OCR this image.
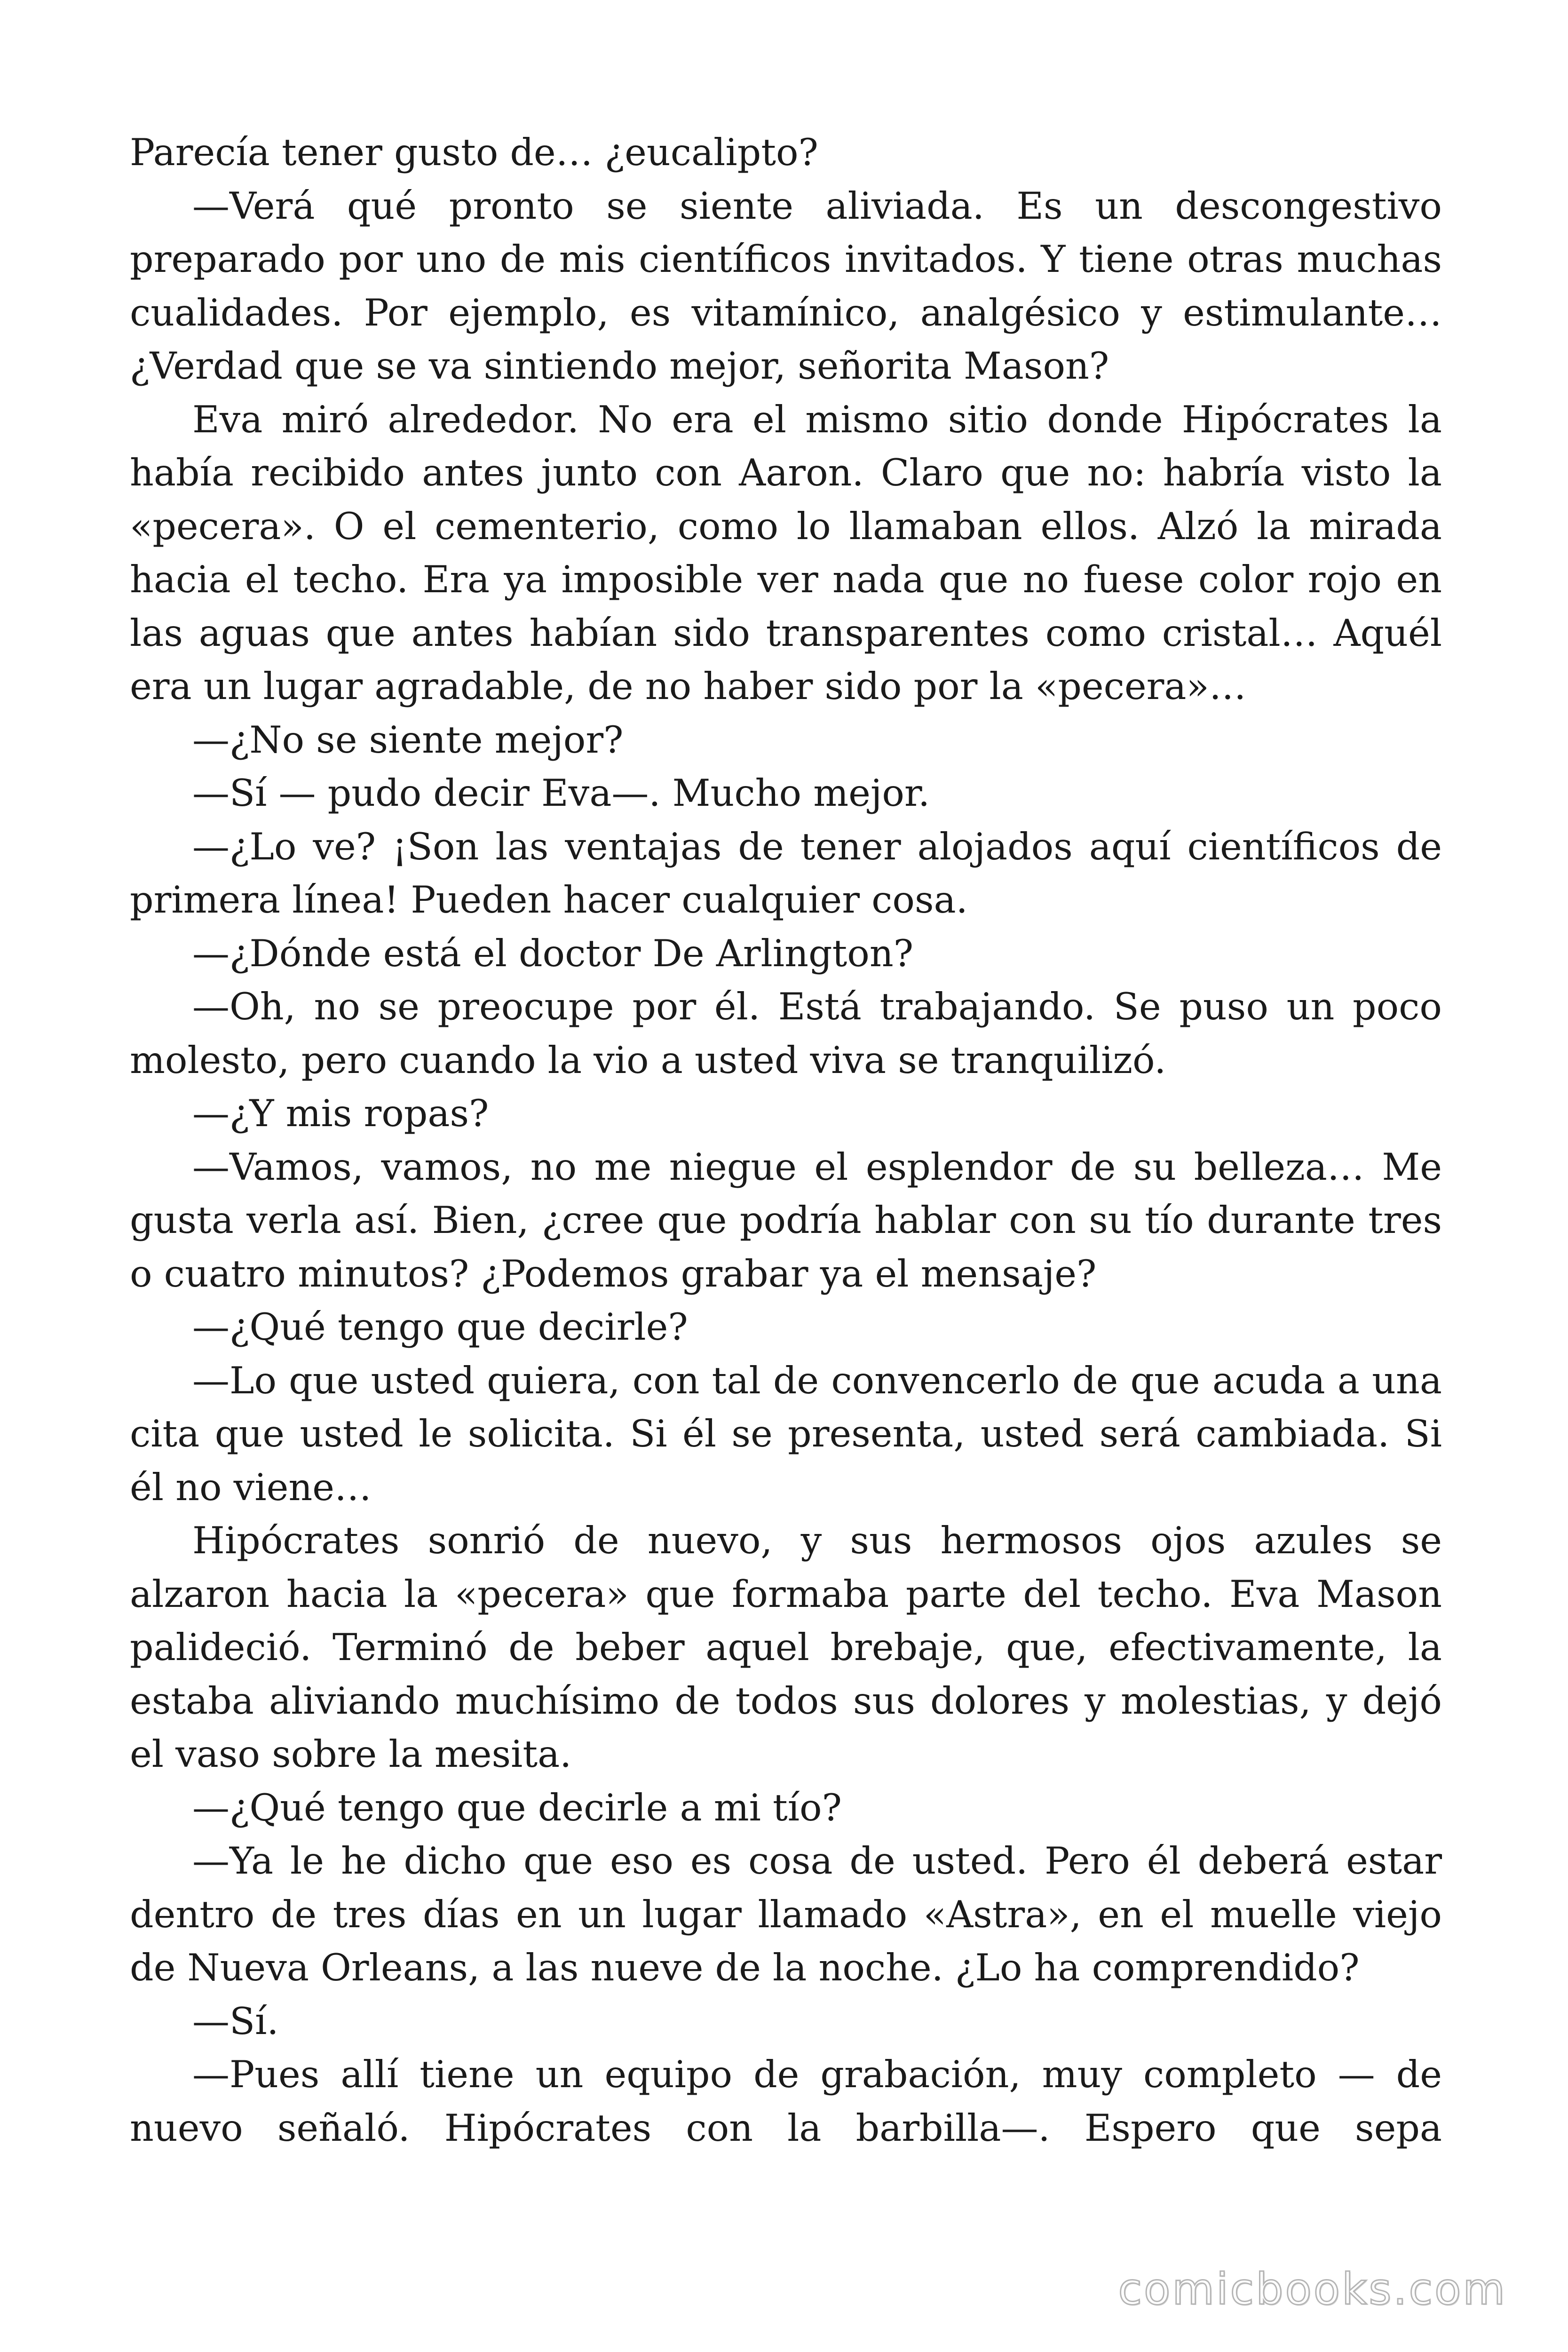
Parecía tener gusto de… ¿eucalipto?

—Verá qué pronto se siente aliviada. Es un descongestivo preparado por uno de mis científicos invitados. Y tiene otras muchas cualidades. Por ejemplo, es vitamínico, analgésico y estimulante… ¿Verdad que se va sintiendo mejor, señorita Mason?

Eva miró alrededor. No era el mismo sitio donde Hipócrates la había recibido antes junto con Aaron. Claro que no: habría visto la «pecera». O el cementerio, como lo llamaban ellos. Alzó la mirada hacia el techo. Era ya imposible ver nada que no fuese color rojo en las aguas que antes habían sido transparentes como cristal… Aquél era un lugar agradable, de no haber sido por la «pecera»…

—¿No se siente mejor?

—Sí — pudo decir Eva—. Mucho mejor.

—¿Lo ve? ¡Son las ventajas de tener alojados aquí científicos de primera línea! Pueden hacer cualquier cosa.

—¿Dónde está el doctor De Arlington?

—Oh, no se preocupe por él. Está trabajando. Se puso un poco molesto, pero cuando la vio a usted viva se tranquilizó.

—¿Y mis ropas?

—Vamos, vamos, no me niegue el esplendor de su belleza… Me gusta verla así. Bien, ¿cree que podría hablar con su tío durante tres o cuatro minutos? ¿Podemos grabar ya el mensaje?

—¿Qué tengo que decirle?

—Lo que usted quiera, con tal de convencerlo de que acuda a una cita que usted le solicita. Si él se presenta, usted será cambiada. Si él no viene…

Hipócrates sonrió de nuevo, y sus hermosos ojos azules se alzaron hacia la «pecera» que formaba parte del techo. Eva Mason palideció. Terminó de beber aquel brebaje, que, efectivamente, la estaba aliviando muchísimo de todos sus dolores y molestias, y dejó el vaso sobre la mesita.

—¿Qué tengo que decirle a mi tío?

—Ya le he dicho que eso es cosa de usted. Pero él deberá estar dentro de tres días en un lugar llamado «Astra», en el muelle viejo de Nueva Orleans, a las nueve de la noche. ¿Lo ha comprendido?

—Sí.

—Pues allí tiene un equipo de grabación, muy completo — de nuevo señaló. Hipócrates con la barbilla—. Espero que sepa

comicbooks.com
